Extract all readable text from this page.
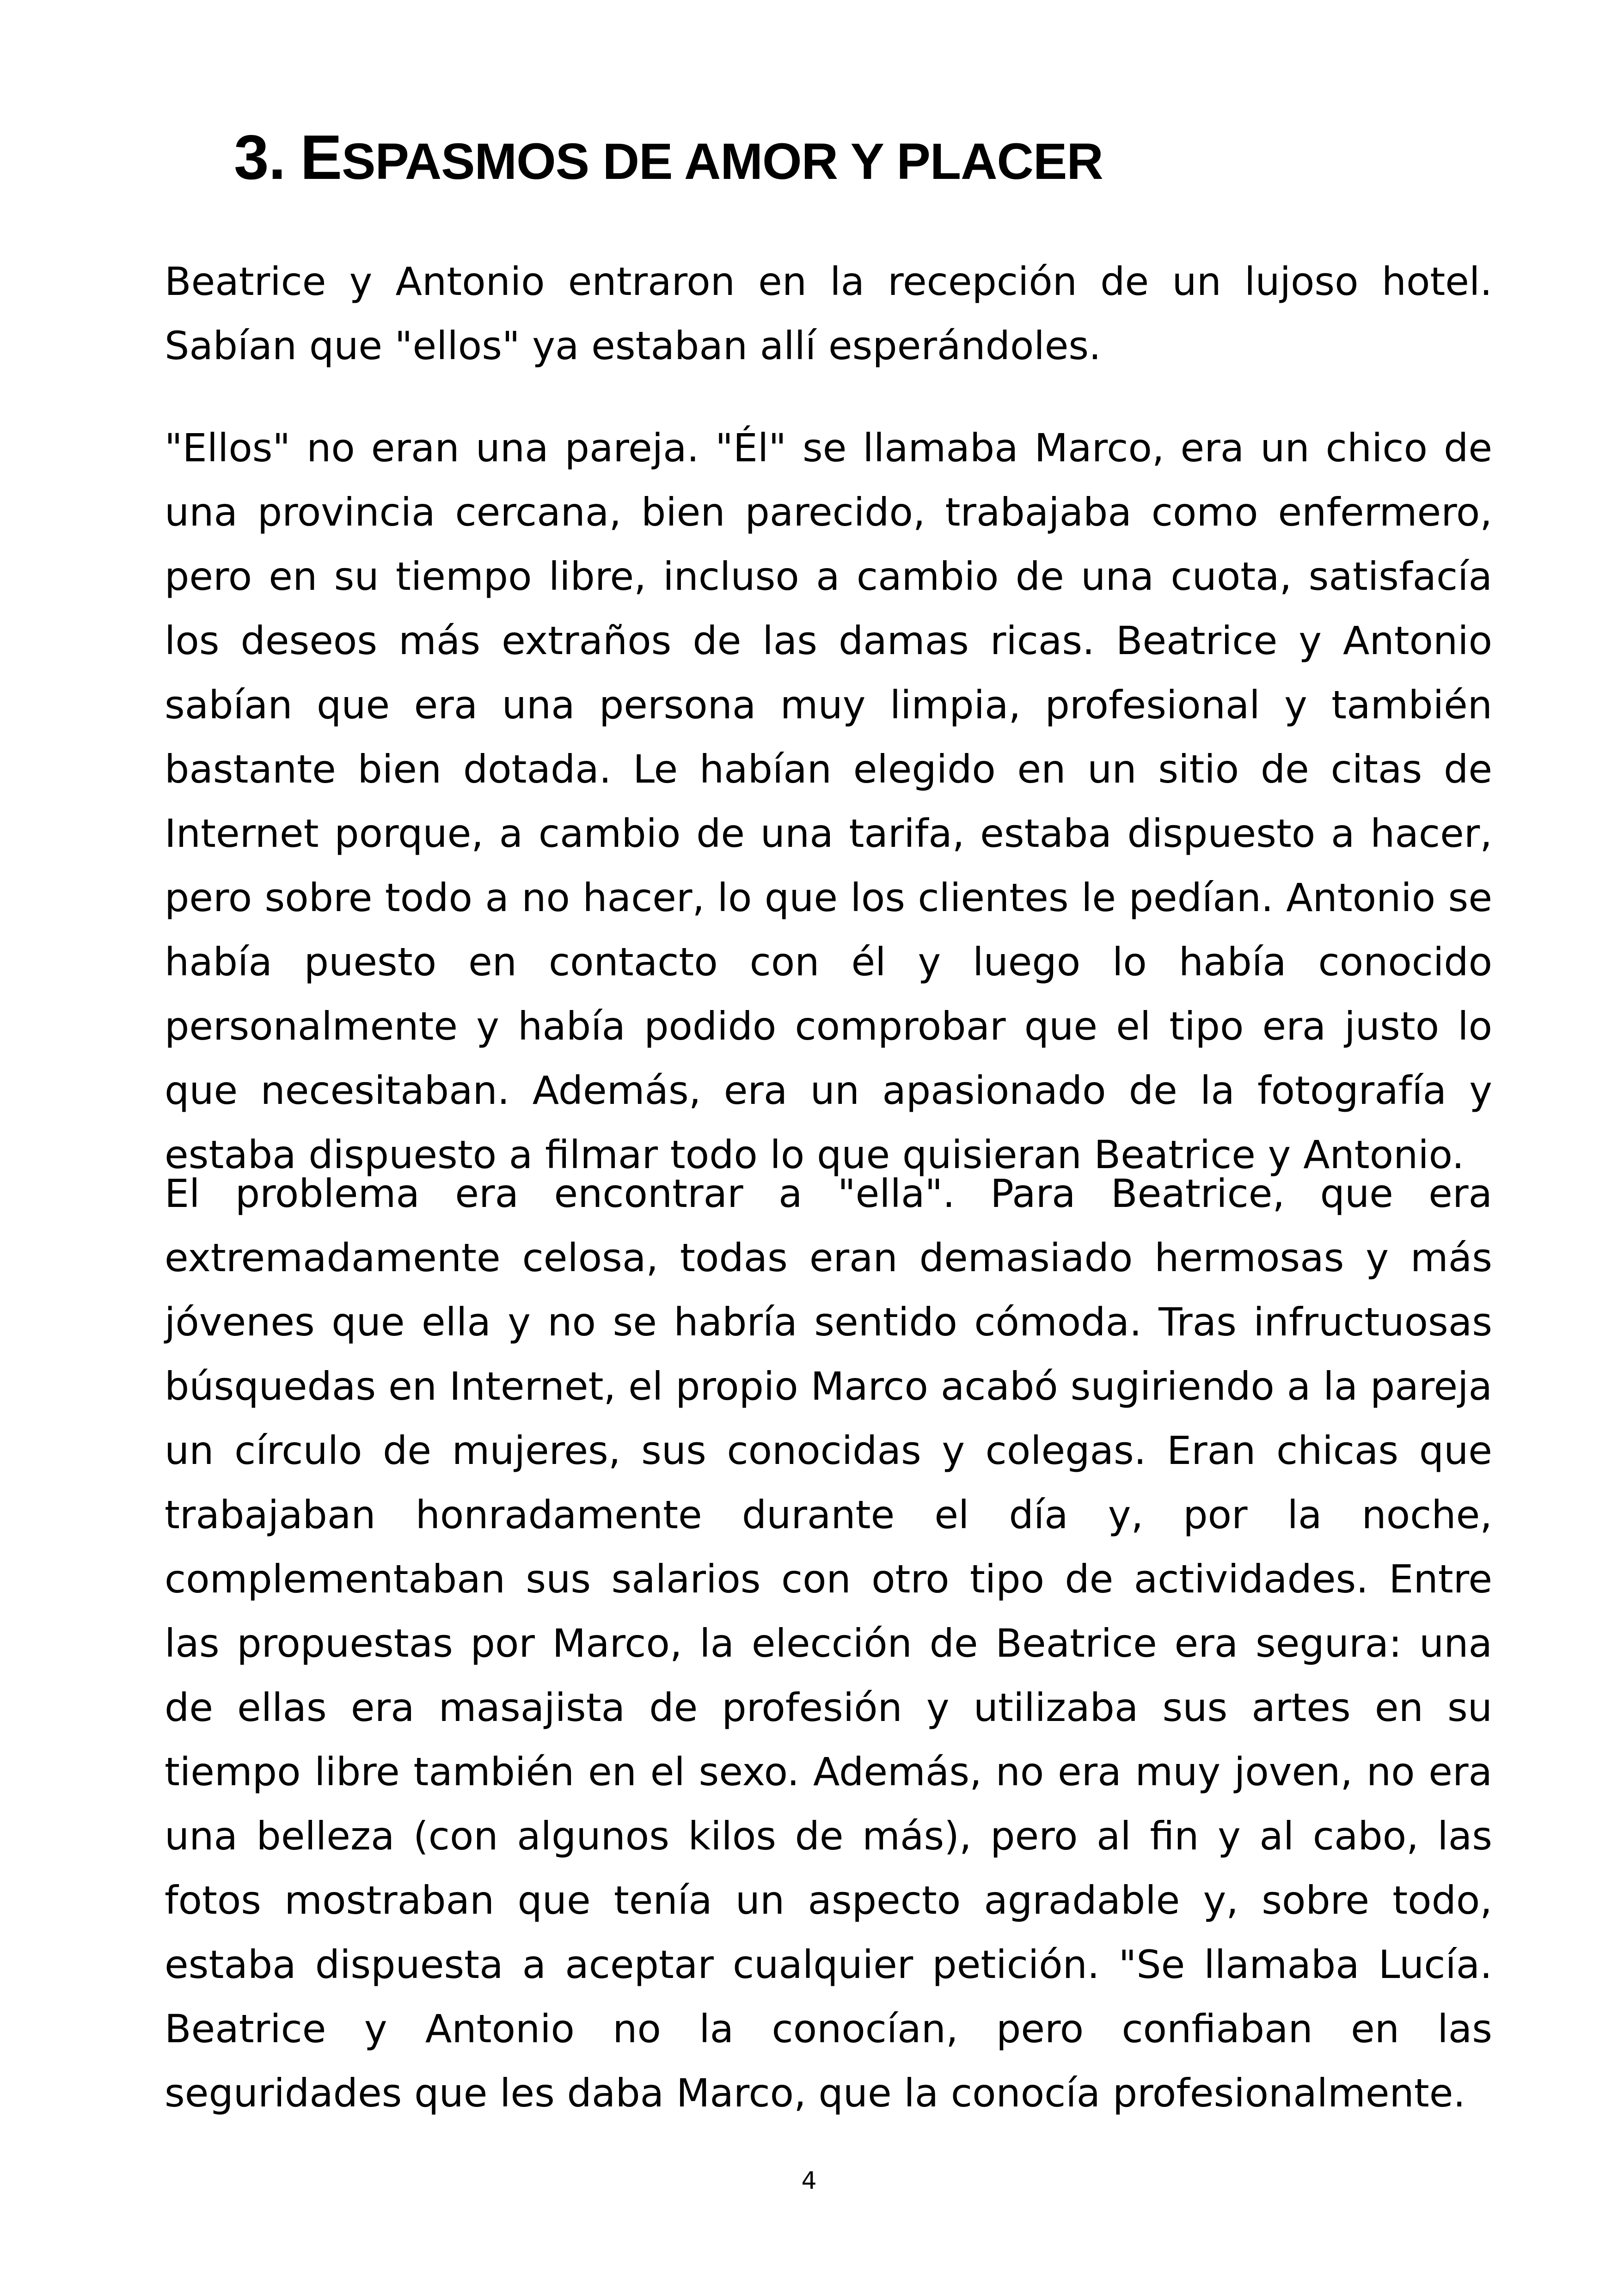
3. ESPASMOS DE AMOR Y PLACER

Beatrice y Antonio entraron en la recepción de un lujoso hotel. Sabían que "ellos" ya estaban allí esperándoles.

"Ellos" no eran una pareja. "Él" se llamaba Marco, era un chico de una provincia cercana, bien parecido, trabajaba como enfermero, pero en su tiempo libre, incluso a cambio de una cuota, satisfacía los deseos más extraños de las damas ricas. Beatrice y Antonio sabían que era una persona muy limpia, profesional y también bastante bien dotada. Le habían elegido en un sitio de citas de Internet porque, a cambio de una tarifa, estaba dispuesto a hacer, pero sobre todo a no hacer, lo que los clientes le pedían. Antonio se había puesto en contacto con él y luego lo había conocido personalmente y había podido comprobar que el tipo era justo lo que necesitaban. Además, era un apasionado de la fotografía y estaba dispuesto a filmar todo lo que quisieran Beatrice y Antonio.

El problema era encontrar a "ella". Para Beatrice, que era extremadamente celosa, todas eran demasiado hermosas y más jóvenes que ella y no se habría sentido cómoda. Tras infructuosas búsquedas en Internet, el propio Marco acabó sugiriendo a la pareja un círculo de mujeres, sus conocidas y colegas. Eran chicas que trabajaban honradamente durante el día y, por la noche, complementaban sus salarios con otro tipo de actividades. Entre las propuestas por Marco, la elección de Beatrice era segura: una de ellas era masajista de profesión y utilizaba sus artes en su tiempo libre también en el sexo. Además, no era muy joven, no era una belleza (con algunos kilos de más), pero al fin y al cabo, las fotos mostraban que tenía un aspecto agradable y, sobre todo, estaba dispuesta a aceptar cualquier petición. "Se llamaba Lucía. Beatrice y Antonio no la conocían, pero confiaban en las seguridades que les daba Marco, que la conocía profesionalmente.

4
